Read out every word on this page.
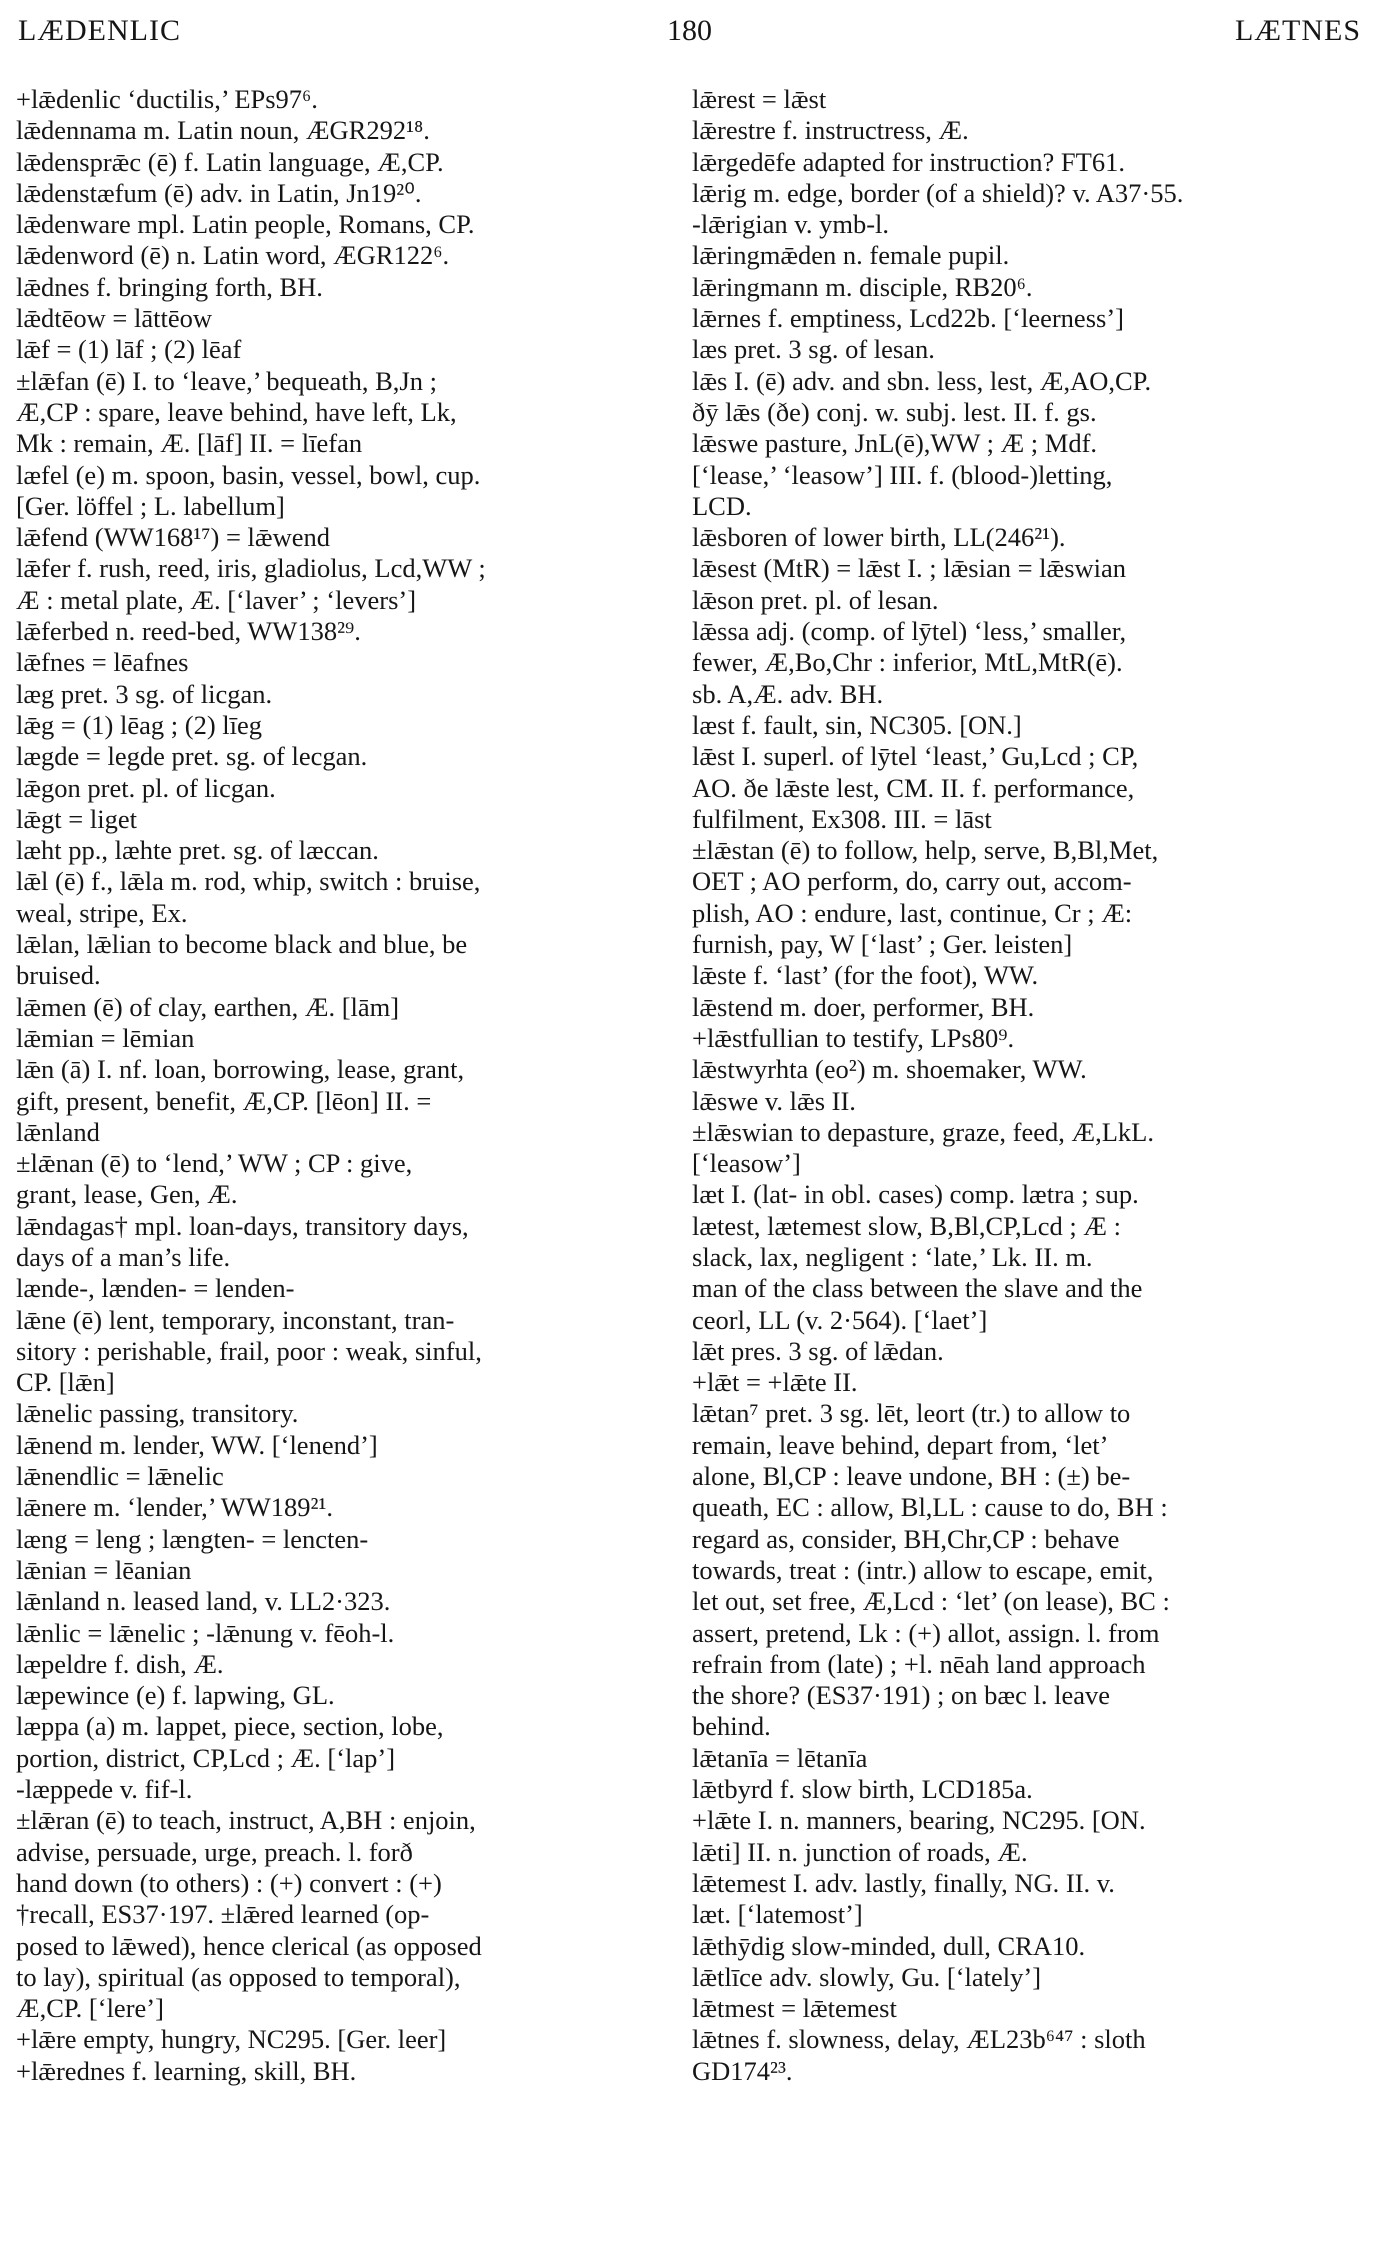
LÆDENLIC	180	LÆTNES
+lǣdenlic ‘ductilis,’ EPs97⁶.
lǣdennama m. Latin noun, ÆGR292¹⁸.
lǣdensprǣc (ē) f. Latin language, Æ,CP.
lǣdenstæfum (ē) adv. in Latin, Jn19²⁰.
lǣdenware mpl. Latin people, Romans, CP.
lǣdenword (ē) n. Latin word, ÆGR122⁶.
lǣdnes f. bringing forth, BH.
lǣdtēow = lāttēow
lǣf = (1) lāf ; (2) lēaf
±lǣfan (ē) I. to ‘leave,’ bequeath, B,Jn ;
Æ,CP : spare, leave behind, have left, Lk,
Mk : remain, Æ. [lāf] II. = līefan
læfel (e) m. spoon, basin, vessel, bowl, cup.
[Ger. löffel ; L. labellum]
lǣfend (WW168¹⁷) = lǣwend
lǣfer f. rush, reed, iris, gladiolus, Lcd,WW ;
Æ : metal plate, Æ. [‘laver’ ; ‘levers’]
lǣferbed n. reed-bed, WW138²⁹.
lǣfnes = lēafnes
læg pret. 3 sg. of licgan.
lǣg = (1) lēag ; (2) līeg
lægde = legde pret. sg. of lecgan.
lǣgon pret. pl. of licgan.
lǣgt = liget
læht pp., læhte pret. sg. of læccan.
lǣl (ē) f., lǣla m. rod, whip, switch : bruise,
weal, stripe, Ex.
lǣlan, lǣlian to become black and blue, be
bruised.
lǣmen (ē) of clay, earthen, Æ. [lām]
lǣmian = lēmian
lǣn (ā) I. nf. loan, borrowing, lease, grant,
gift, present, benefit, Æ,CP. [lēon] II. =
lǣnland
±lǣnan (ē) to ‘lend,’ WW ; CP : give,
grant, lease, Gen, Æ.
lǣndagas† mpl. loan-days, transitory days,
days of a man’s life.
lænde-, lænden- = lenden-
lǣne (ē) lent, temporary, inconstant, tran-
sitory : perishable, frail, poor : weak, sinful,
CP. [lǣn]
lǣnelic passing, transitory.
lǣnend m. lender, WW. [‘lenend’]
lǣnendlic = lǣnelic
lǣnere m. ‘lender,’ WW189²¹.
læng = leng ; længten- = lencten-
lǣnian = lēanian
lǣnland n. leased land, v. LL2·323.
lǣnlic = lǣnelic ; -lǣnung v. fēoh-l.
læpeldre f. dish, Æ.
læpewince (e) f. lapwing, GL.
læppa (a) m. lappet, piece, section, lobe,
portion, district, CP,Lcd ; Æ. [‘lap’]
-læppede v. fif-l.
±lǣran (ē) to teach, instruct, A,BH : enjoin,
advise, persuade, urge, preach. l. forð
hand down (to others) : (+) convert : (+)
†recall, ES37·197. ±lǣred learned (op-
posed to lǣwed), hence clerical (as opposed
to lay), spiritual (as opposed to temporal),
Æ,CP. [‘lere’]
+lǣre empty, hungry, NC295. [Ger. leer]
+lǣrednes f. learning, skill, BH.
lǣrest = lǣst
lǣrestre f. instructress, Æ.
lǣrgedēfe adapted for instruction? FT61.
lǣrig m. edge, border (of a shield)? v. A37·55.
-lǣrigian v. ymb-l.
lǣringmǣden n. female pupil.
lǣringmann m. disciple, RB20⁶.
lǣrnes f. emptiness, Lcd22b. [‘leerness’]
læs pret. 3 sg. of lesan.
lǣs I. (ē) adv. and sbn. less, lest, Æ,AO,CP.
ðȳ lǣs (ðe) conj. w. subj. lest. II. f. gs.
lǣswe pasture, JnL(ē),WW ; Æ ; Mdf.
[‘lease,’ ‘leasow’] III. f. (blood-)letting,
LCD.
lǣsboren of lower birth, LL(246²¹).
lǣsest (MtR) = lǣst I. ; lǣsian = lǣswian
lǣson pret. pl. of lesan.
lǣssa adj. (comp. of lȳtel) ‘less,’ smaller,
fewer, Æ,Bo,Chr : inferior, MtL,MtR(ē).
sb. A,Æ. adv. BH.
læst f. fault, sin, NC305. [ON.]
lǣst I. superl. of lȳtel ‘least,’ Gu,Lcd ; CP,
AO. ðe lǣste lest, CM. II. f. performance,
fulfilment, Ex308. III. = lāst
±lǣstan (ē) to follow, help, serve, B,Bl,Met,
OET ; AO perform, do, carry out, accom-
plish, AO : endure, last, continue, Cr ; Æ:
furnish, pay, W [‘last’ ; Ger. leisten]
lǣste f. ‘last’ (for the foot), WW.
lǣstend m. doer, performer, BH.
+lǣstfullian to testify, LPs80⁹.
lǣstwyrhta (eo²) m. shoemaker, WW.
lǣswe v. lǣs II.
±lǣswian to depasture, graze, feed, Æ,LkL.
[‘leasow’]
læt I. (lat- in obl. cases) comp. lætra ; sup.
lætest, lætemest slow, B,Bl,CP,Lcd ; Æ :
slack, lax, negligent : ‘late,’ Lk. II. m.
man of the class between the slave and the
ceorl, LL (v. 2·564). [‘laet’]
lǣt pres. 3 sg. of lǣdan.
+lǣt = +lǣte II.
lǣtan⁷ pret. 3 sg. lēt, leort (tr.) to allow to
remain, leave behind, depart from, ‘let’
alone, Bl,CP : leave undone, BH : (±) be-
queath, EC : allow, Bl,LL : cause to do, BH :
regard as, consider, BH,Chr,CP : behave
towards, treat : (intr.) allow to escape, emit,
let out, set free, Æ,Lcd : ‘let’ (on lease), BC :
assert, pretend, Lk : (+) allot, assign. l. from
refrain from (late) ; +l. nēah land approach
the shore? (ES37·191) ; on bæc l. leave
behind.
lǣtanīa = lētanīa
lǣtbyrd f. slow birth, LCD185a.
+lǣte I. n. manners, bearing, NC295. [ON.
lǣti] II. n. junction of roads, Æ.
lǣtemest I. adv. lastly, finally, NG. II. v.
læt. [‘latemost’]
lǣthȳdig slow-minded, dull, CRA10.
lǣtlīce adv. slowly, Gu. [‘lately’]
lǣtmest = lǣtemest
lǣtnes f. slowness, delay, ÆL23b⁶⁴⁷ : sloth
GD174²³.
